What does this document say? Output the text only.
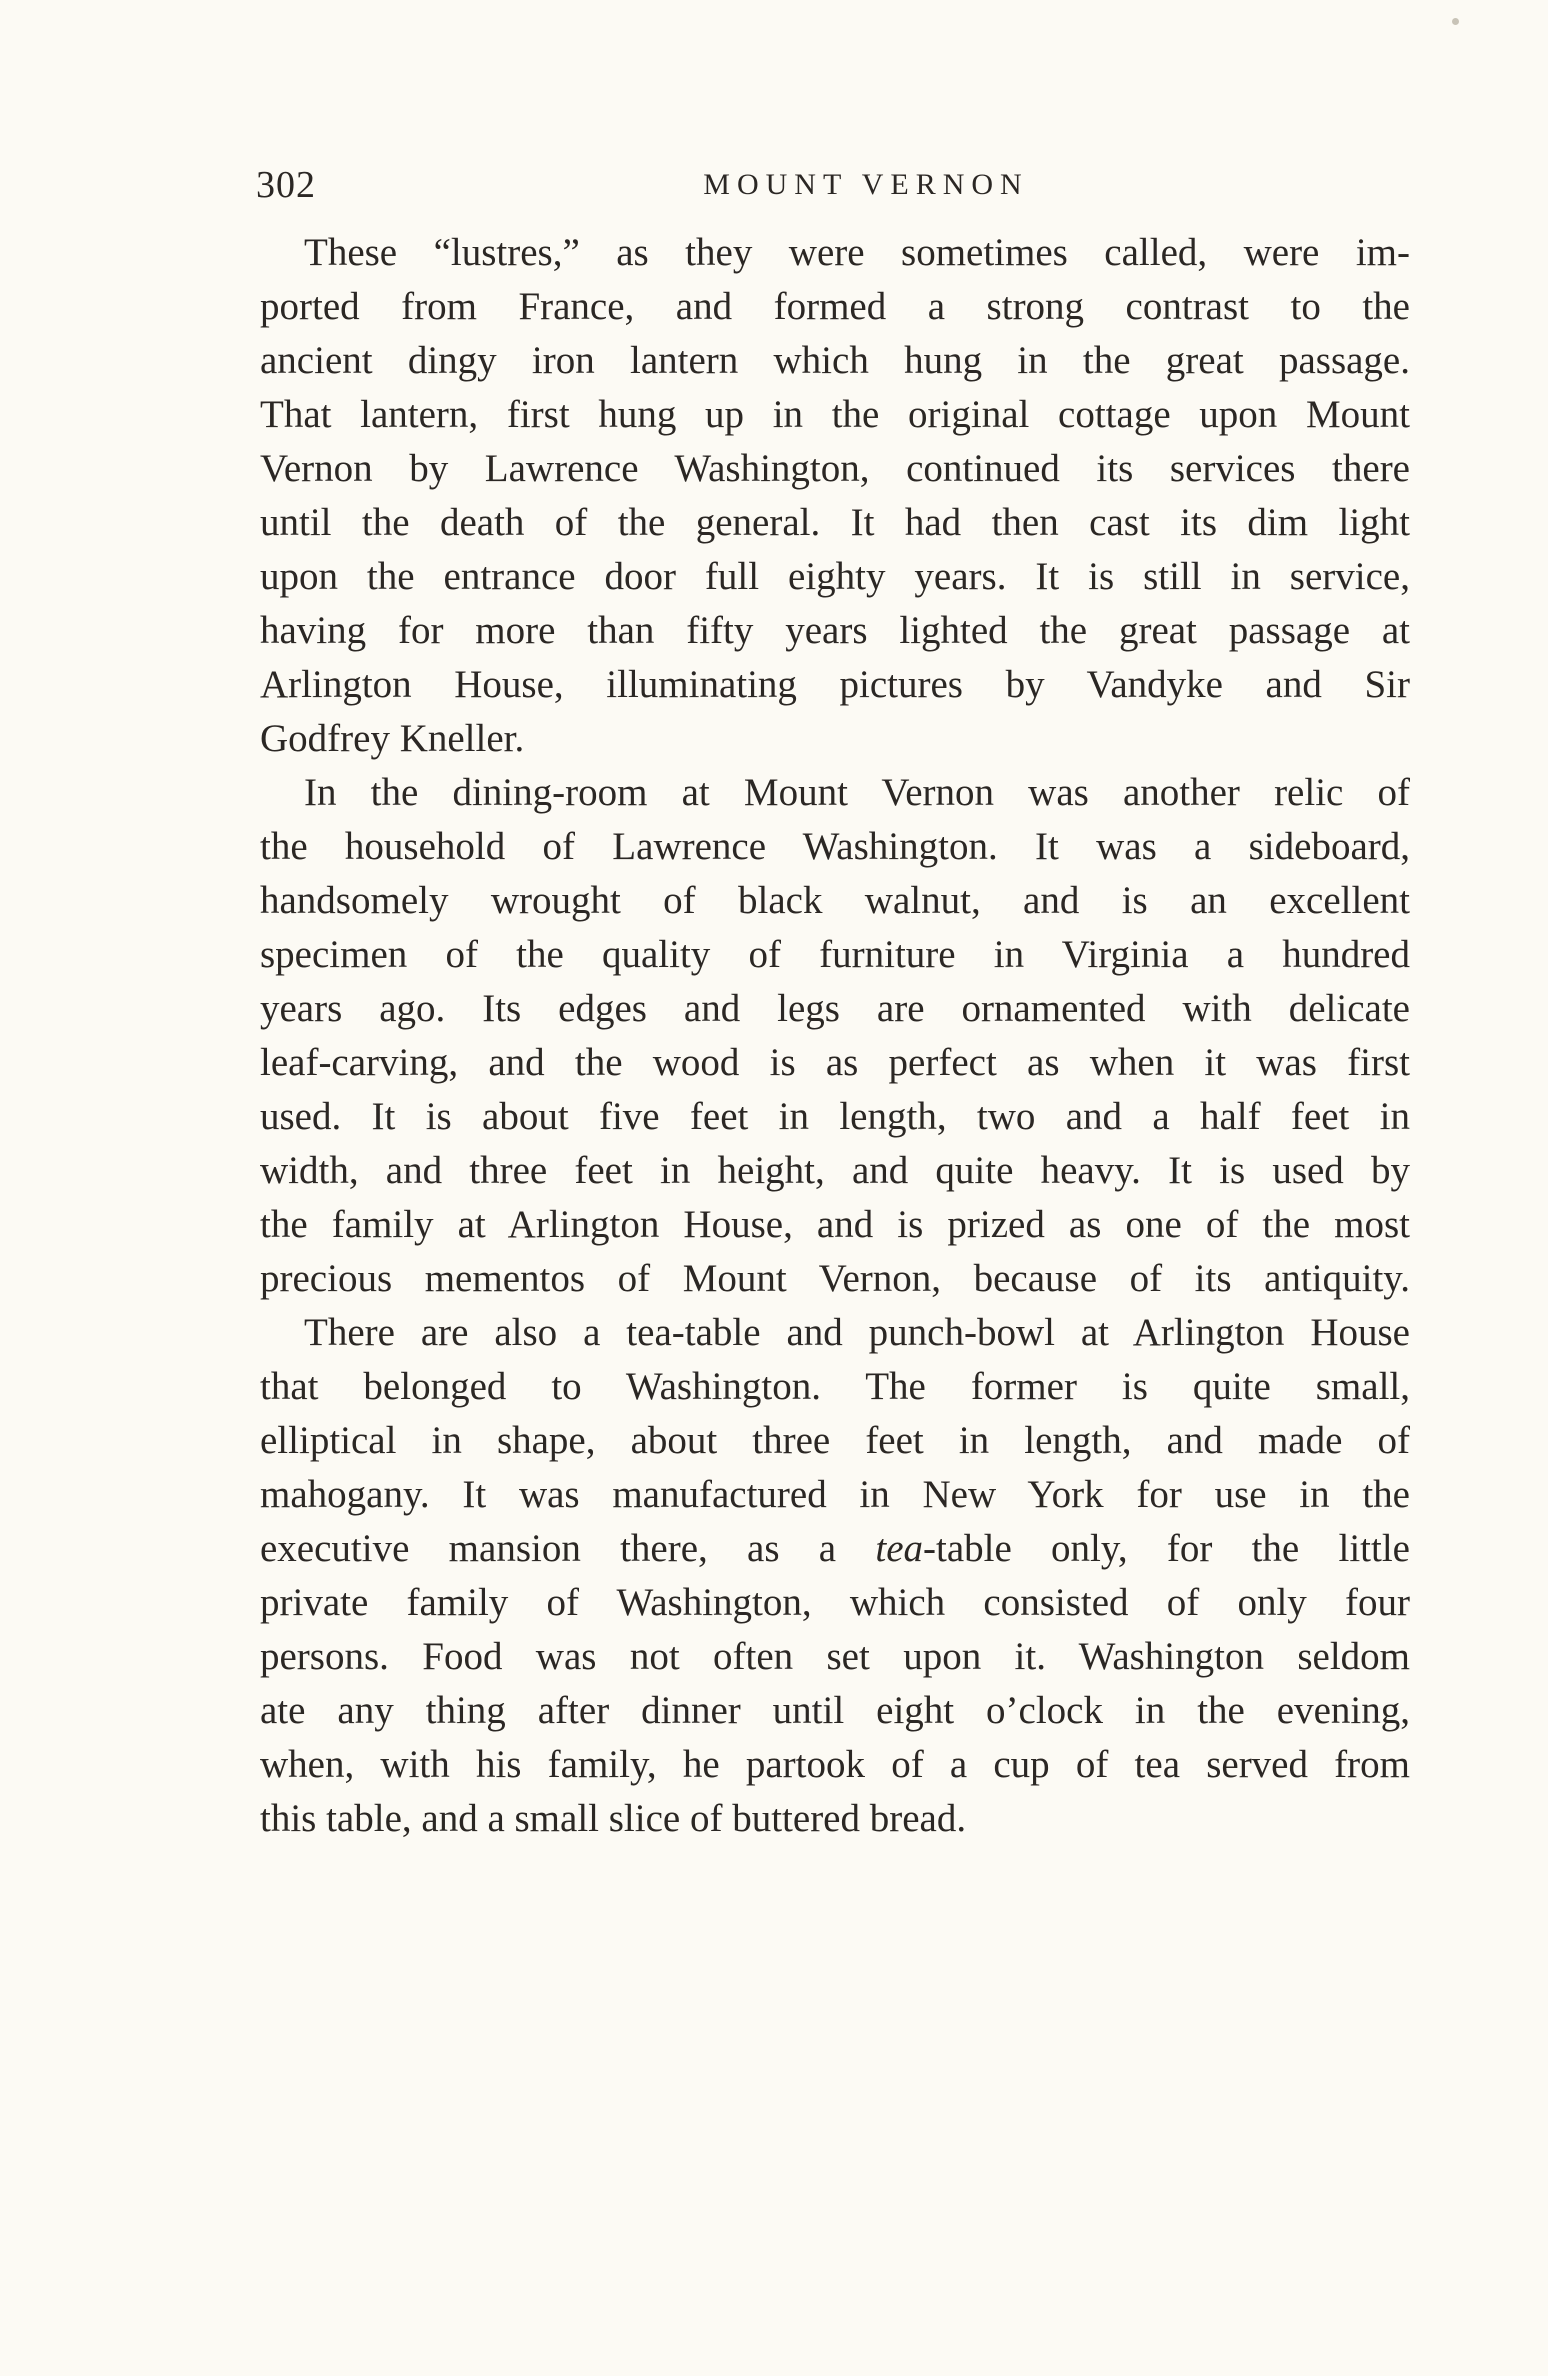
302	MOUNT VERNON
These “lustres,” as they were sometimes called, were im-
ported from France, and formed a strong contrast to the
ancient dingy iron lantern which hung in the great passage.
That lantern, first hung up in the original cottage upon Mount
Vernon by Lawrence Washington, continued its services there
until the death of the general. It had then cast its dim light
upon the entrance door full eighty years. It is still in service,
having for more than fifty years lighted the great passage at
Arlington House, illuminating pictures by Vandyke and Sir
Godfrey Kneller.
In the dining-room at Mount Vernon was another relic of
the household of Lawrence Washington. It was a sideboard,
handsomely wrought of black walnut, and is an excellent
specimen of the quality of furniture in Virginia a hundred
years ago. Its edges and legs are ornamented with delicate
leaf-carving, and the wood is as perfect as when it was first
used. It is about five feet in length, two and a half feet in
width, and three feet in height, and quite heavy. It is used by
the family at Arlington House, and is prized as one of the most
precious mementos of Mount Vernon, because of its antiquity.
There are also a tea-table and punch-bowl at Arlington House
that belonged to Washington. The former is quite small,
elliptical in shape, about three feet in length, and made of
mahogany. It was manufactured in New York for use in the
executive mansion there, as a tea-table only, for the little
private family of Washington, which consisted of only four
persons. Food was not often set upon it. Washington seldom
ate any thing after dinner until eight o’clock in the evening,
when, with his family, he partook of a cup of tea served from
this table, and a small slice of buttered bread.
